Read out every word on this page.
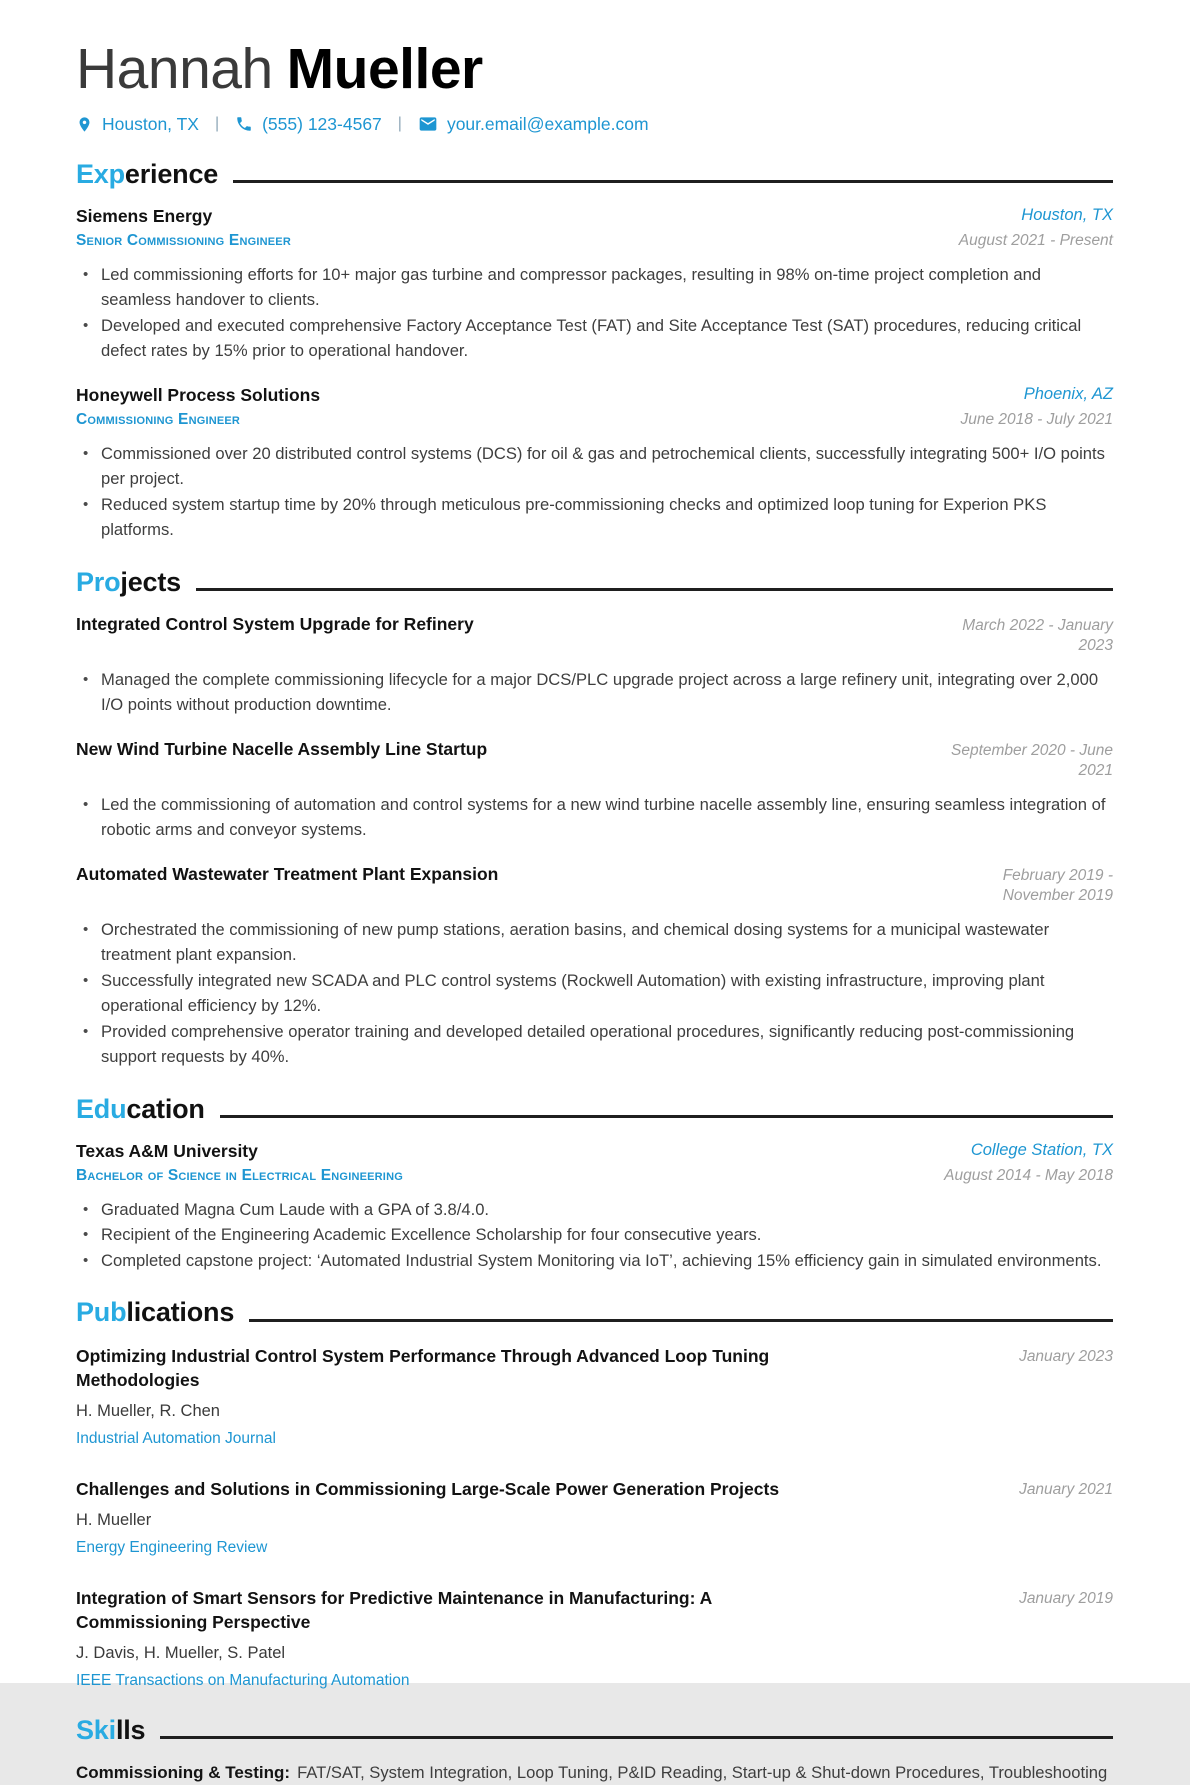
Hannah Mueller
Houston, TX | (555) 123-4567 |	your.email@example.com
Experience
Siemens Energy
Senior Commissioning Engineer
Houston, TX
August 2021 - Present
• Led commissioning efforts for 10+ major gas turbine and compressor packages, resulting in 98% on-time project completion and seamless handover to clients.
• Developed and executed comprehensive Factory Acceptance Test (FAT) and Site Acceptance Test (SAT) procedures, reducing critical defect rates by 15% prior to operational handover.
Honeywell Process Solutions
Commissioning Engineer
Phoenix, AZ
June 2018 - July 2021
• Commissioned over 20 distributed control systems (DCS) for oil & gas and petrochemical clients, successfully integrating 500+ I/O points per project.
• Reduced system startup time by 20% through meticulous pre-commissioning checks and optimized loop tuning for Experion PKS platforms.
Projects
Integrated Control System Upgrade for Refinery	March 2022 - January 2023
• Managed the complete commissioning lifecycle for a major DCS/PLC upgrade project across a large refinery unit, integrating over 2,000 I/O points without production downtime.
New Wind Turbine Nacelle Assembly Line Startup	September 2020 - June 2021
• Led the commissioning of automation and control systems for a new wind turbine nacelle assembly line, ensuring seamless integration of robotic arms and conveyor systems.
Automated Wastewater Treatment Plant Expansion	February 2019 - November 2019
• Orchestrated the commissioning of new pump stations, aeration basins, and chemical dosing systems for a municipal wastewater treatment plant expansion.
• Successfully integrated new SCADA and PLC control systems (Rockwell Automation) with existing infrastructure, improving plant operational efficiency by 12%.
• Provided comprehensive operator training and developed detailed operational procedures, significantly reducing post-commissioning support requests by 40%.
Education
Texas A&M University
Bachelor of Science in Electrical Engineering
College Station, TX
August 2014 - May 2018
• Graduated Magna Cum Laude with a GPA of 3.8/4.0.
• Recipient of the Engineering Academic Excellence Scholarship for four consecutive years.
• Completed capstone project: ‘Automated Industrial System Monitoring via IoT’, achieving 15% efficiency gain in simulated environments.
Publications
Optimizing Industrial Control System Performance Through Advanced Loop Tuning Methodologies
January 2023
H. Mueller, R. Chen
Industrial Automation Journal
Challenges and Solutions in Commissioning Large-Scale Power Generation Projects	January 2021
H. Mueller
Energy Engineering Review
Integration of Smart Sensors for Predictive Maintenance in Manufacturing: A Commissioning Perspective
January 2019
J. Davis, H. Mueller, S. Patel
IEEE Transactions on Manufacturing Automation
Skills

Commissioning & Testing: FAT/SAT, System Integration, Loop Tuning, P&ID Reading, Start-up & Shut-down Procedures, Troubleshooting
